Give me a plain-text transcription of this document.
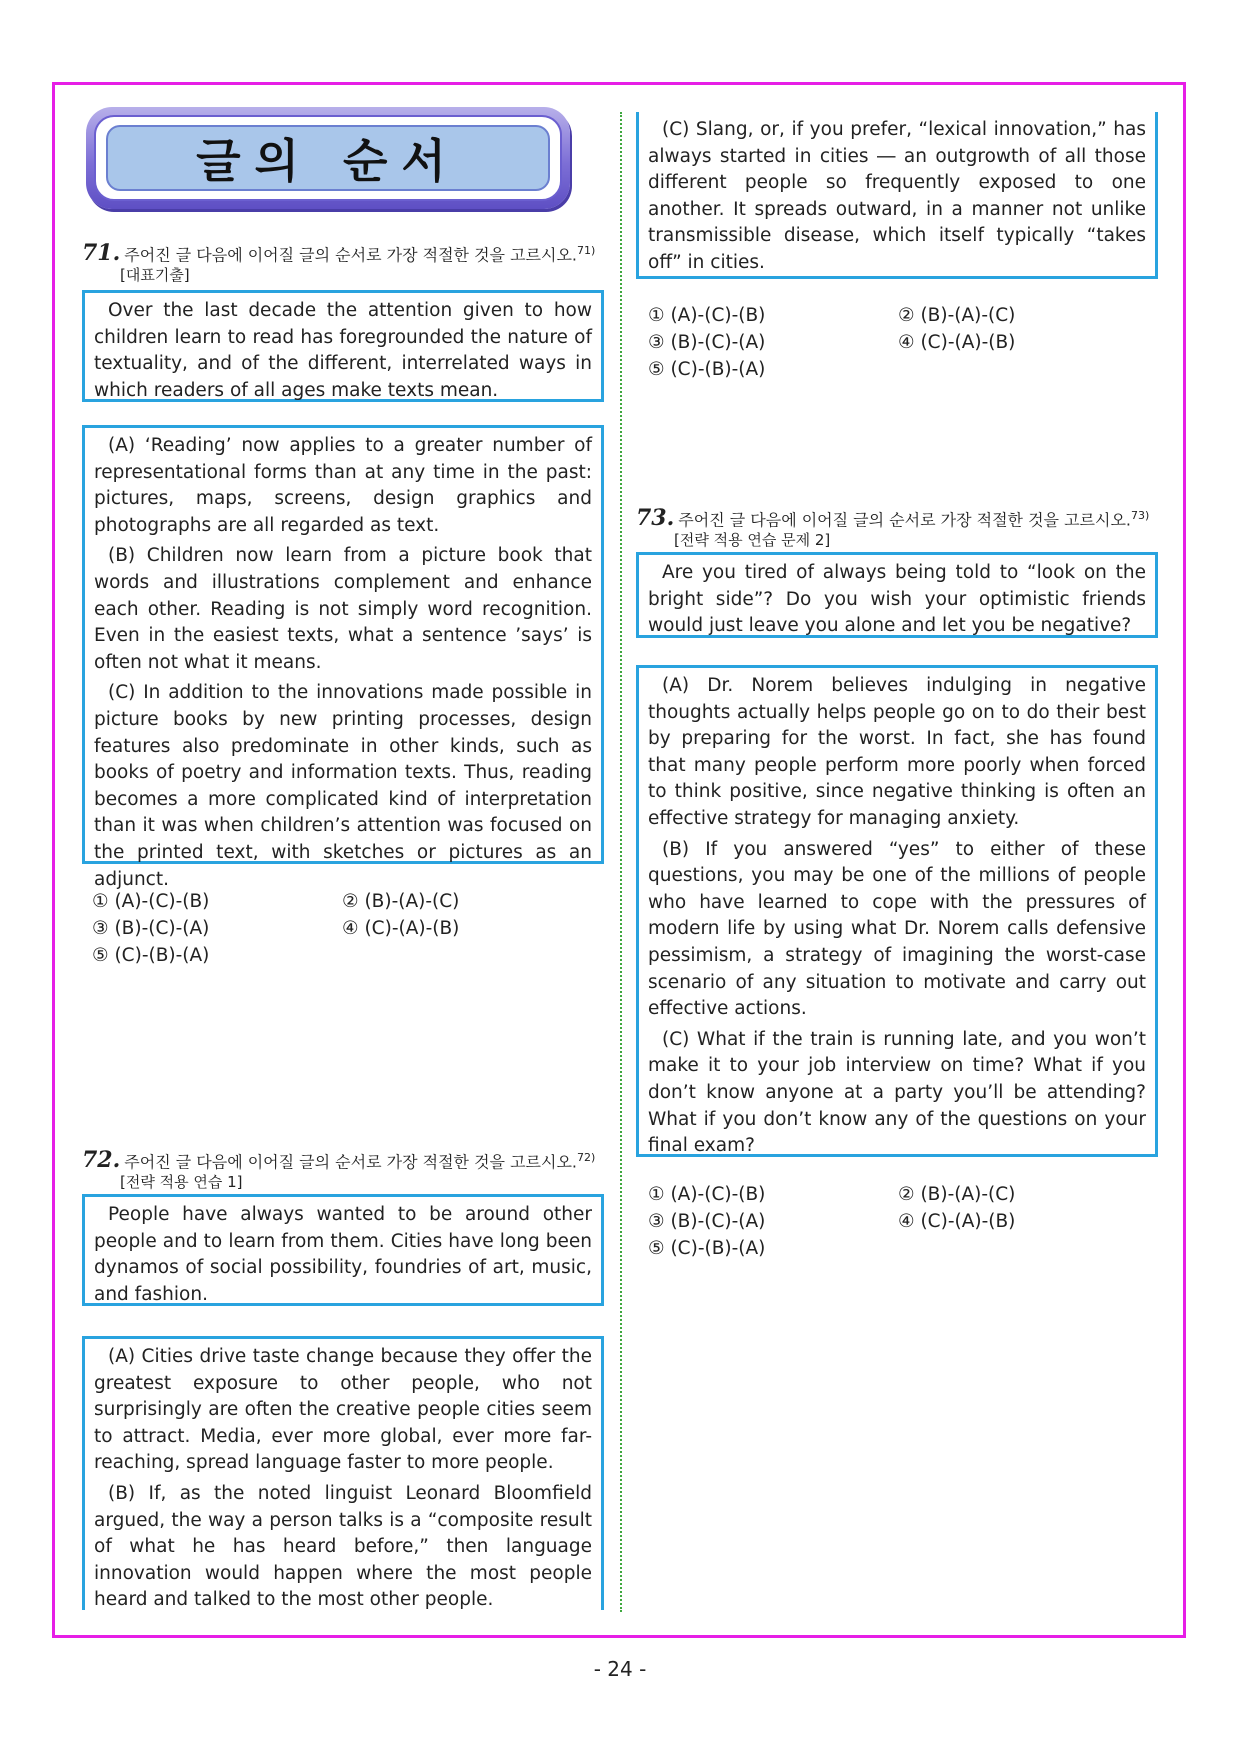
글의 순서
71. 주어진 글 다음에 이어질 글의 순서로 가장 적절한 것을 고르시오.$^{71)}$
[대표기출]

Over the last decade the attention given to how children learn to read has foregrounded the nature of textuality, and of the different, interrelated ways in which readers of all ages make texts mean.

(A) ‘Reading’ now applies to a greater number of representational forms than at any time in the past: pictures, maps, screens, design graphics and photographs are all regarded as text.

(B) Children now learn from a picture book that words and illustrations complement and enhance each other. Reading is not simply word recognition. Even in the easiest texts, what a sentence ’says’ is often not what it means.

(C) In addition to the innovations made possible in picture books by new printing processes, design features also predominate in other kinds, such as books of poetry and information texts. Thus, reading becomes a more complicated kind of interpretation than it was when children’s attention was focused on the printed text, with sketches or pictures as an adjunct.

① (A)-(C)-(B)	② (B)-(A)-(C)
③ (B)-(C)-(A)	④ (C)-(A)-(B)
⑤ (C)-(B)-(A)
72. 주어진 글 다음에 이어질 글의 순서로 가장 적절한 것을 고르시오.$^{72)}$
[전략 적용 연습 1]

People have always wanted to be around other people and to learn from them. Cities have long been dynamos of social possibility, foundries of art, music, and fashion.

(A) Cities drive taste change because they offer the greatest exposure to other people, who not surprisingly are often the creative people cities seem to attract. Media, ever more global, ever more far-reaching, spread language faster to more people.

(B) If, as the noted linguist Leonard Bloomfield argued, the way a person talks is a “composite result of what he has heard before,” then language innovation would happen where the most people heard and talked to the most other people.

(C) Slang, or, if you prefer, “lexical innovation,” has always started in cities ― an outgrowth of all those different people so frequently exposed to one another. It spreads outward, in a manner not unlike transmissible disease, which itself typically “takes off” in cities.

① (A)-(C)-(B)	② (B)-(A)-(C)
③ (B)-(C)-(A)	④ (C)-(A)-(B)
⑤ (C)-(B)-(A)
73. 주어진 글 다음에 이어질 글의 순서로 가장 적절한 것을 고르시오.$^{73)}$
[전략 적용 연습 문제 2]

Are you tired of always being told to “look on the bright side”? Do you wish your optimistic friends would just leave you alone and let you be negative?

(A) Dr. Norem believes indulging in negative thoughts actually helps people go on to do their best by preparing for the worst. In fact, she has found that many people perform more poorly when forced to think positive, since negative thinking is often an effective strategy for managing anxiety.

(B) If you answered “yes” to either of these questions, you may be one of the millions of people who have learned to cope with the pressures of modern life by using what Dr. Norem calls defensive pessimism, a strategy of imagining the worst-case scenario of any situation to motivate and carry out effective actions.

(C) What if the train is running late, and you won’t make it to your job interview on time? What if you don’t know anyone at a party you’ll be attending? What if you don’t know any of the questions on your final exam?

① (A)-(C)-(B)	② (B)-(A)-(C)
③ (B)-(C)-(A)	④ (C)-(A)-(B)
⑤ (C)-(B)-(A)
- 24 -
